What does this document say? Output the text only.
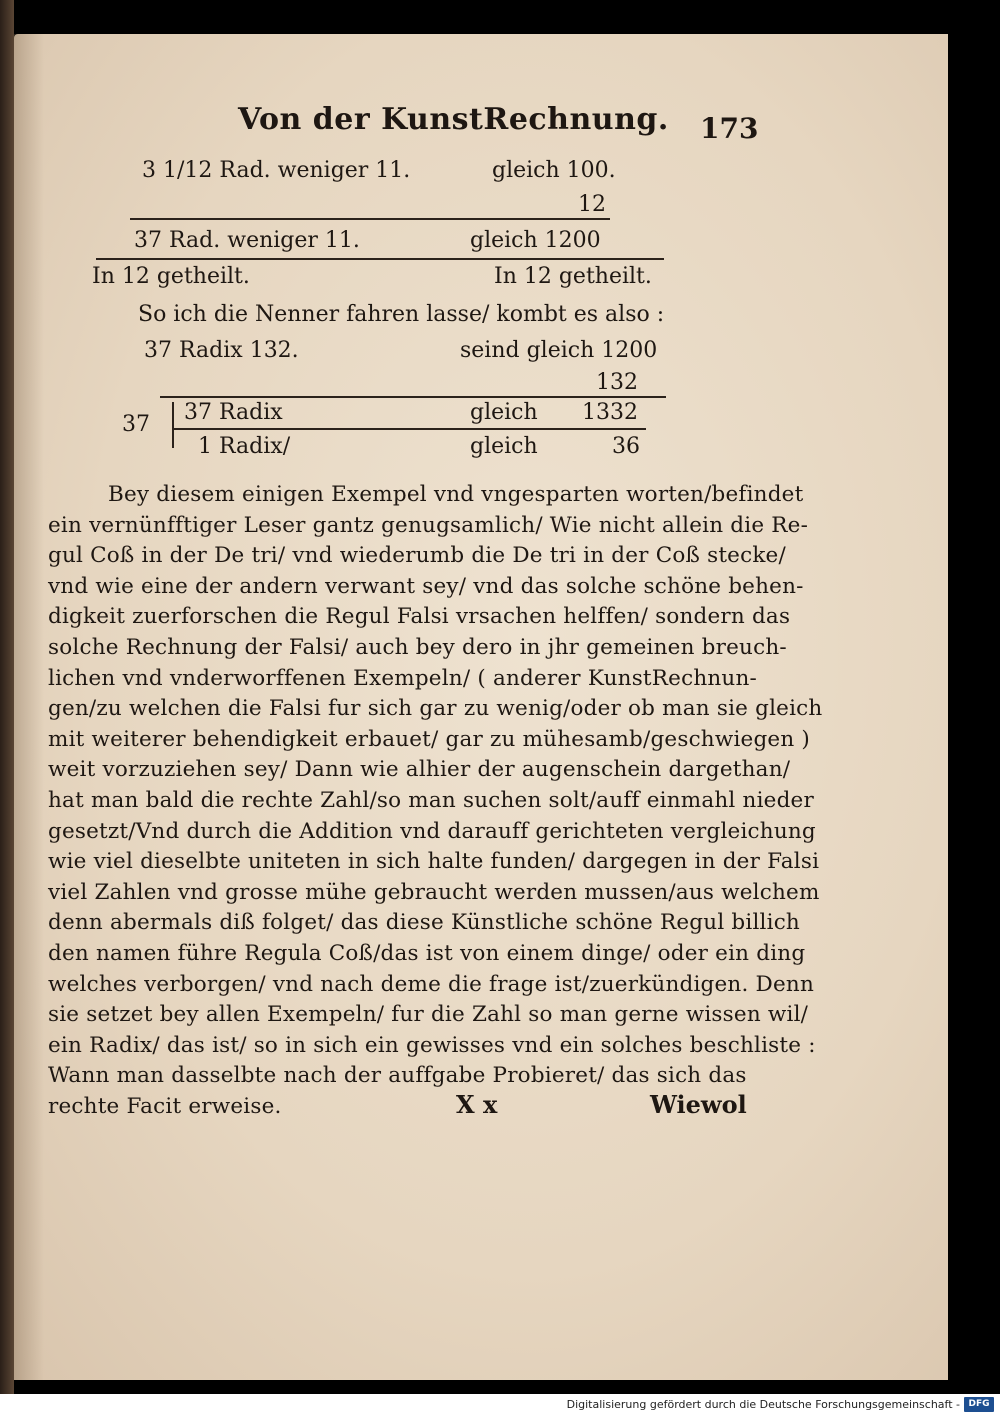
Von der KunstRechnung. 173
3 1/12 Rad. weniger 11.	gleich 100.
12
37 Rad. weniger 11.	gleich 1200
In 12 getheilt.	In 12 getheilt.
So ich die Nenner fahren lasse/ kombt es also :
37 Radix 132.	seind gleich 1200
132
37 37 Radix	gleich 1332
1 Radix/	gleich	36
Bey diesem einigen Exempel vnd vngesparten worten/befindet
ein vernünfftiger Leser gantz genugsamlich/ Wie nicht allein die Re-
gul Coß in der De tri/ vnd wiederumb die De tri in der Coß stecke/
vnd wie eine der andern verwant sey/ vnd das solche schöne behen-
digkeit zuerforschen die Regul Falsi vrsachen helffen/ sondern das
solche Rechnung der Falsi/ auch bey dero in jhr gemeinen breuch-
lichen vnd vnderworffenen Exempeln/ ( anderer KunstRechnun-
gen/zu welchen die Falsi fur sich gar zu wenig/oder ob man sie gleich
mit weiterer behendigkeit erbauet/ gar zu mühesamb/geschwiegen )
weit vorzuziehen sey/ Dann wie alhier der augenschein dargethan/
hat man bald die rechte Zahl/so man suchen solt/auff einmahl nieder
gesetzt/Vnd durch die Addition vnd darauff gerichteten vergleichung
wie viel dieselbte uniteten in sich halte funden/ dargegen in der Falsi
viel Zahlen vnd grosse mühe gebraucht werden mussen/aus welchem
denn abermals diß folget/ das diese Künstliche schöne Regul billich
den namen führe Regula Coß/das ist von einem dinge/ oder ein ding
welches verborgen/ vnd nach deme die frage ist/zuerkündigen. Denn
sie setzet bey allen Exempeln/ fur die Zahl so man gerne wissen wil/
ein Radix/ das ist/ so in sich ein gewisses vnd ein solches beschliste :
Wann man dasselbte nach der auffgabe Probieret/ das sich das
rechte Facit erweise.	X x	Wiewol
Digitalisierung gefördert durch die Deutsche Forschungsgemeinschaft - DFG
